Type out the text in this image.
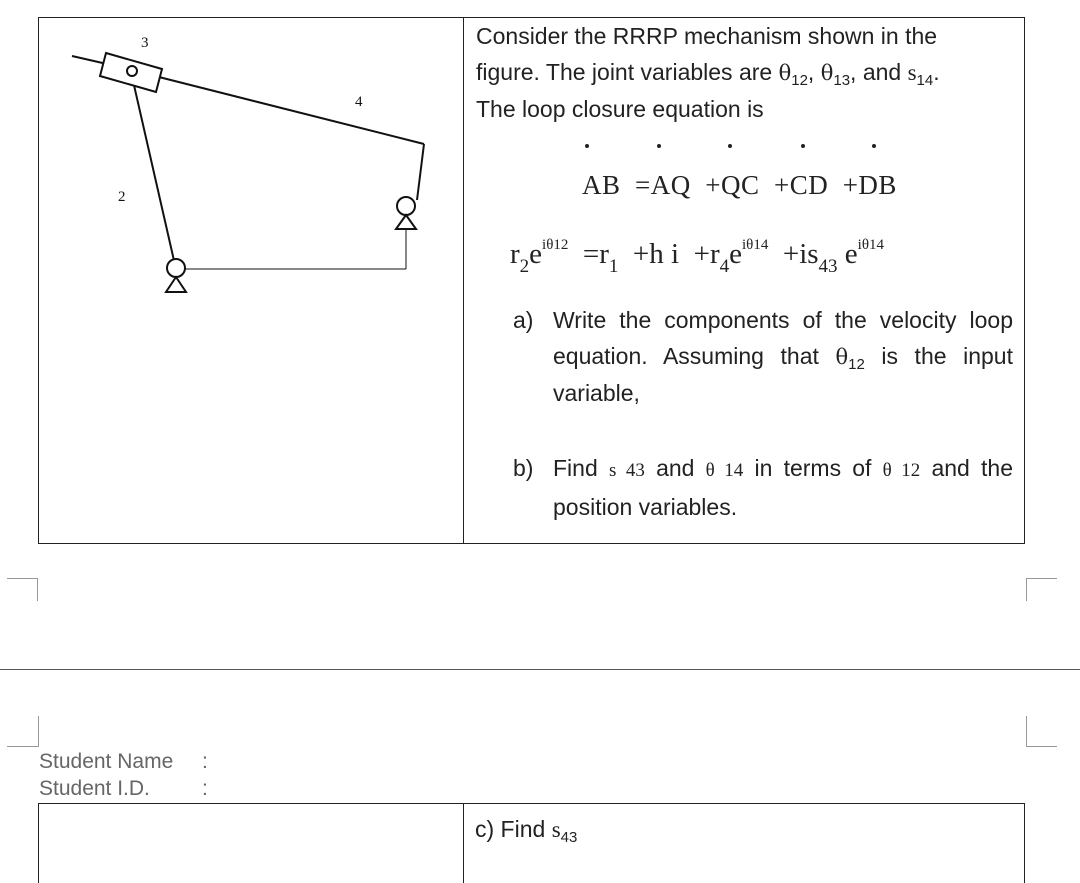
3
4
2
Consider the RRRP mechanism shown in the
figure. The joint variables are $\theta_{12}$, $\theta_{13}$, and $s_{14}$.
The loop closure equation is
AB  =AQ  +QC  +CD  +DB
$r_2e^{i\theta 12} =r_1 +h$ $i +r_4e^{i\theta 14} +is_{43}$ $e^{i\theta 14}$
a) Write the components of the velocity loop equation. Assuming that $\theta_{12}$ is the input variable,
b) Find s 43 and θ 14 in terms of θ 12 and the position variables.
Student Name :
Student I.D. :
c) Find $s_{43}$
